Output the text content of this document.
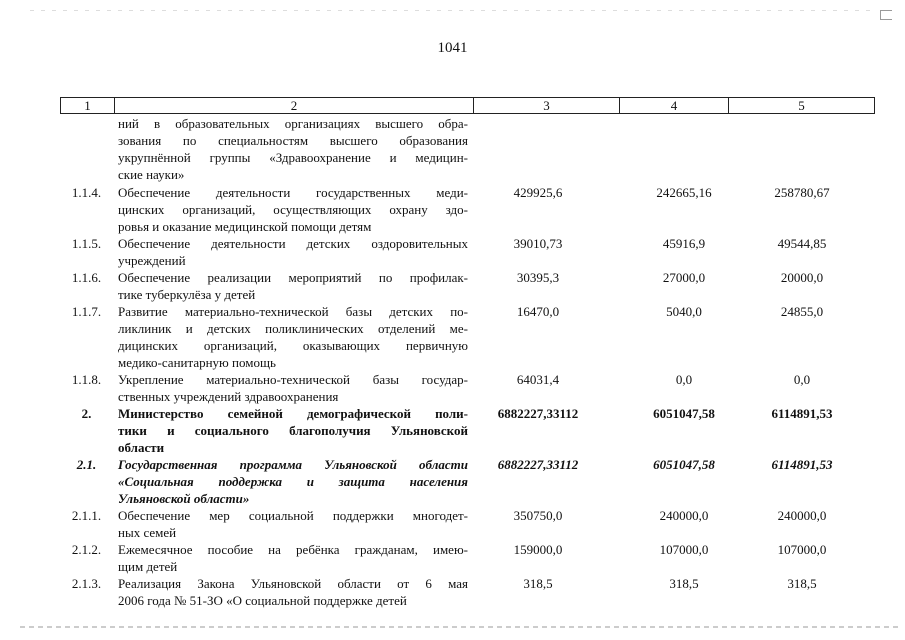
1041
1	2	3	4	5
ний в образовательных организациях высшего обра-
зования по специальностям высшего образования
укрупнённой группы «Здравоохранение и медицин-
ские науки»
1.1.4.	Обеспечение деятельности государственных меди-
цинских организаций, осуществляющих охрану здо-
ровья и оказание медицинской помощи детям
429925,6	242665,16	258780,67
1.1.5.	Обеспечение деятельности детских оздоровительных
учреждений
39010,73	45916,9	49544,85
1.1.6.	Обеспечение реализации мероприятий по профилак-
тике туберкулёза у детей
30395,3	27000,0	20000,0
1.1.7.	Развитие материально-технической базы детских по-
ликлиник и детских поликлинических отделений ме-
дицинских организаций, оказывающих первичную
медико-санитарную помощь
16470,0	5040,0	24855,0
1.1.8.	Укрепление материально-технической базы государ-
ственных учреждений здравоохранения
64031,4	0,0	0,0
2.	Министерство семейной демографической поли-
тики и социального благополучия Ульяновской
области
6882227,33112	6051047,58	6114891,53
2.1.	Государственная программа Ульяновской области
«Социальная поддержка и защита населения
Ульяновской области»
6882227,33112	6051047,58	6114891,53
2.1.1.	Обеспечение мер социальной поддержки многодет-
ных семей
350750,0	240000,0	240000,0
2.1.2.	Ежемесячное пособие на ребёнка гражданам, имею-
щим детей
159000,0	107000,0	107000,0
2.1.3.	Реализация Закона Ульяновской области от 6 мая
2006 года № 51-ЗО «О социальной поддержке детей
318,5	318,5	318,5
